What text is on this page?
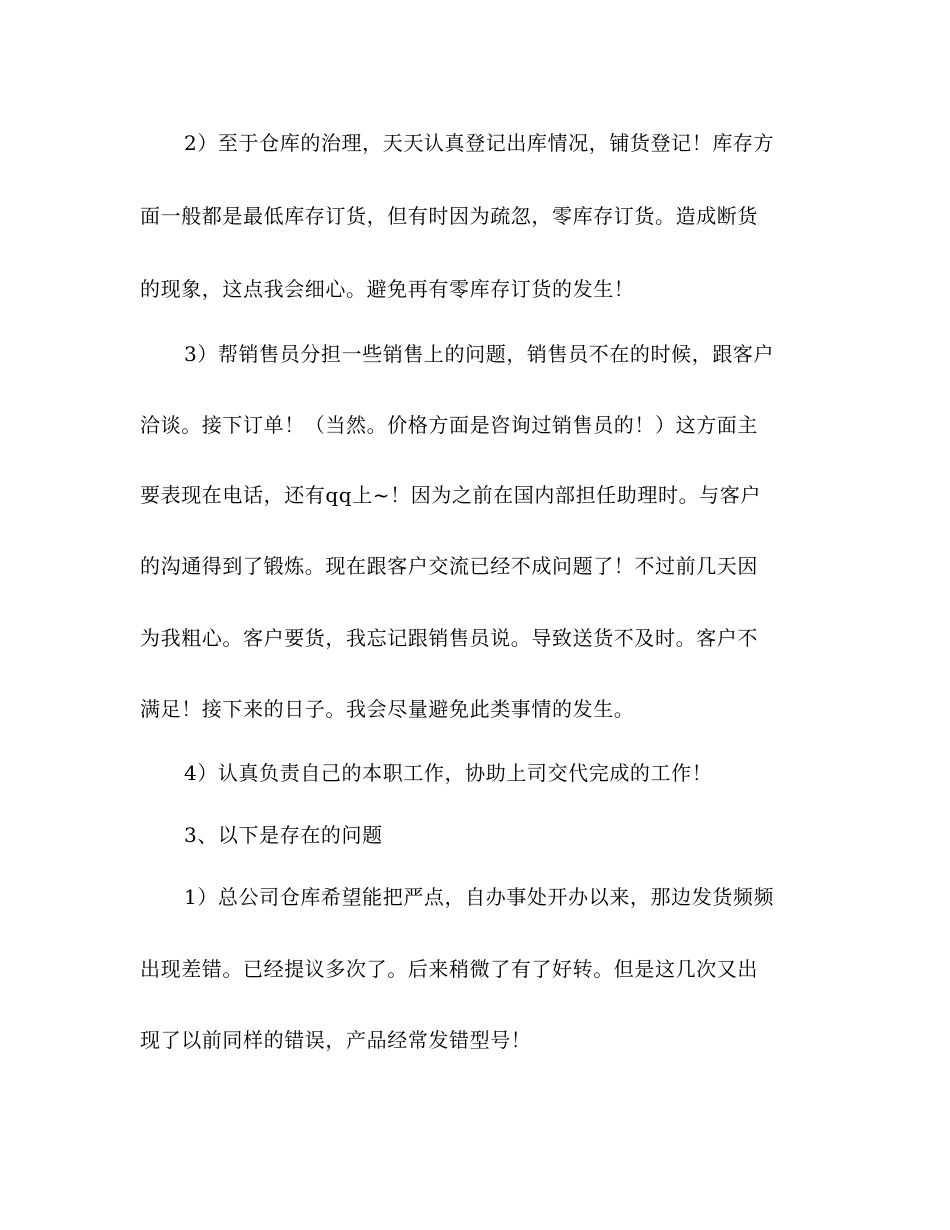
2）至于仓库的治理，天天认真登记出库情况，铺货登记！库存方
面一般都是最低库存订货，但有时因为疏忽，零库存订货。造成断货
的现象，这点我会细心。避免再有零库存订货的发生！
3）帮销售员分担一些销售上的问题，销售员不在的时候，跟客户
洽谈。接下订单！（当然。价格方面是咨询过销售员的！）这方面主
要表现在电话，还有qq上~！因为之前在国内部担任助理时。与客户
的沟通得到了锻炼。现在跟客户交流已经不成问题了！不过前几天因
为我粗心。客户要货，我忘记跟销售员说。导致送货不及时。客户不
满足！接下来的日子。我会尽量避免此类事情的发生。
4）认真负责自己的本职工作，协助上司交代完成的工作！
3、以下是存在的问题
1）总公司仓库希望能把严点，自办事处开办以来，那边发货频频
出现差错。已经提议多次了。后来稍微了有了好转。但是这几次又出
现了以前同样的错误，产品经常发错型号！
